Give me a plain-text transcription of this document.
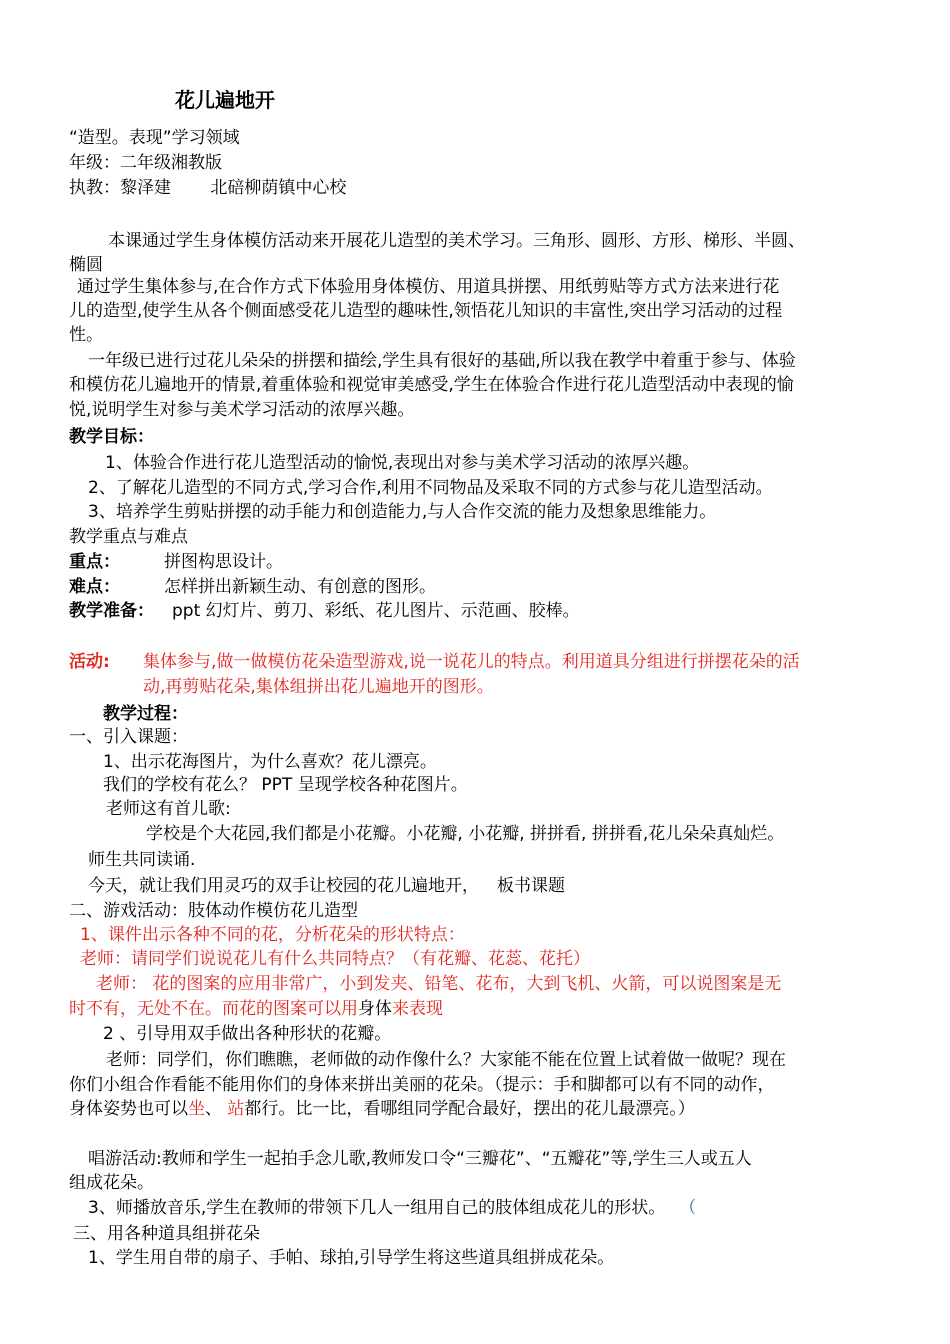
花儿遍地开
“造型。表现”学习领域
年级：二年级湘教版
执教：黎泽建　　 北碚柳荫镇中心校
本课通过学生身体模仿活动来开展花儿造型的美术学习。三角形、圆形、方形、梯形、半圆、
椭圆
通过学生集体参与,在合作方式下体验用身体模仿、用道具拼摆、用纸剪贴等方式方法来进行花
儿的造型,使学生从各个侧面感受花儿造型的趣味性,领悟花儿知识的丰富性,突出学习活动的过程
性。
一年级已进行过花儿朵朵的拼摆和描绘,学生具有很好的基础,所以我在教学中着重于参与、体验
和模仿花儿遍地开的情景,着重体验和视觉审美感受,学生在体验合作进行花儿造型活动中表现的愉
悦,说明学生对参与美术学习活动的浓厚兴趣。
教学目标：
1、体验合作进行花儿造型活动的愉悦,表现出对参与美术学习活动的浓厚兴趣。
2、了解花儿造型的不同方式,学习合作,利用不同物品及采取不同的方式参与花儿造型活动。
3、培养学生剪贴拼摆的动手能力和创造能力,与人合作交流的能力及想象思维能力。
教学重点与难点
重点：	拼图构思设计。
难点：	怎样拼出新颖生动、有创意的图形。
教学准备： ppt 幻灯片、剪刀、彩纸、花儿图片、示范画、胶棒。
活动: 集体参与,做一做模仿花朵造型游戏,说一说花儿的特点。利用道具分组进行拼摆花朵的活
动,再剪贴花朵,集体组拼出花儿遍地开的图形。
教学过程：
一、引入课题：
1、出示花海图片，为什么喜欢？花儿漂亮。
我们的学校有花么？ PPT 呈现学校各种花图片。
老师这有首儿歌:
学校是个大花园,我们都是小花瓣。小花瓣, 小花瓣, 拼拼看, 拼拼看,花儿朵朵真灿烂。
师生共同读诵.
今天，就让我们用灵巧的双手让校园的花儿遍地开， 板书课题
二、游戏活动：肢体动作模仿花儿造型
1、课件出示各种不同的花，分析花朵的形状特点：
老师：请同学们说说花儿有什么共同特点？（有花瓣、花蕊、花托）
老师： 花的图案的应用非常广，小到发夹、铅笔、花布，大到飞机、火箭，可以说图案是无
时不有，无处不在。而花的图案可以用身体来表现
2 、引导用双手做出各种形状的花瓣。
老师：同学们，你们瞧瞧，老师做的动作像什么？大家能不能在位置上试着做一做呢？现在
你们小组合作看能不能用你们的身体来拼出美丽的花朵。（提示：手和脚都可以有不同的动作，
身体姿势也可以坐、 站都行。比一比，看哪组同学配合最好，摆出的花儿最漂亮。）
唱游活动:教师和学生一起拍手念儿歌,教师发口令“三瓣花”、“五瓣花”等,学生三人或五人
组成花朵。
3、师播放音乐,学生在教师的带领下几人一组用自己的肢体组成花儿的形状。 （
三、用各种道具组拼花朵
1、学生用自带的扇子、手帕、球拍,引导学生将这些道具组拼成花朵。
